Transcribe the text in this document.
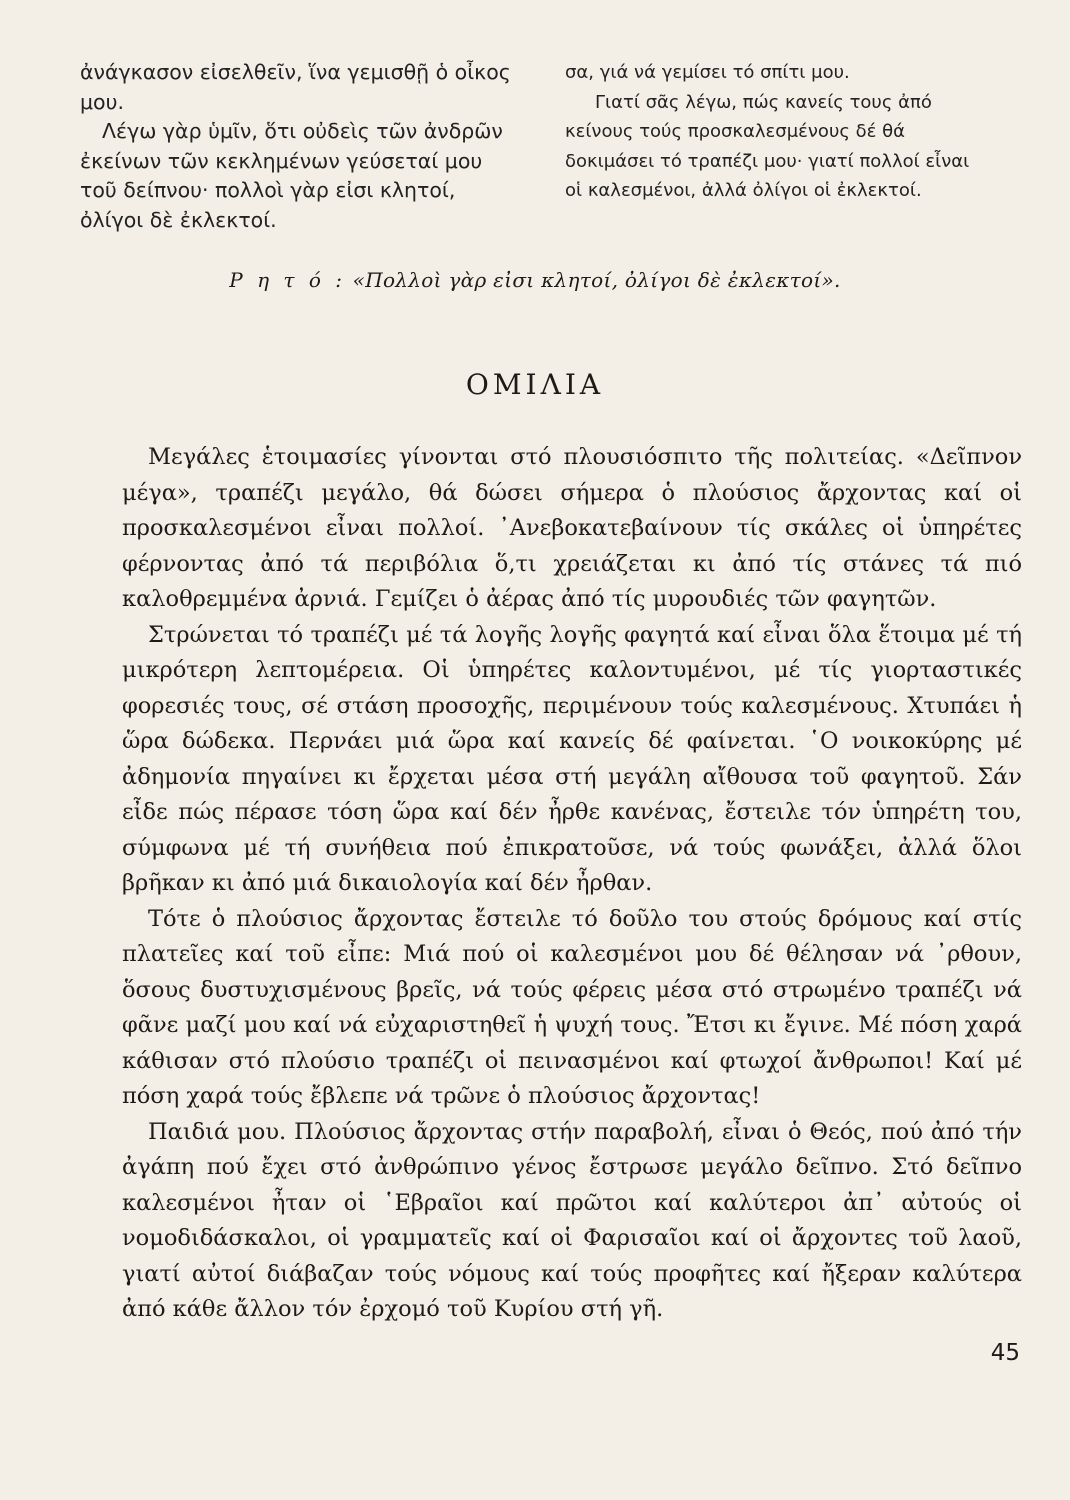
ἀνάγκασον εἰσελθεῖν, ἵνα γεμισθῇ ὁ οἶκος μου.

Λέγω γὰρ ὑμῖν, ὅτι οὐδεὶς τῶν ἀνδρῶν ἐκείνων τῶν κεκλημένων γεύσεταί μου τοῦ δείπνου· πολλοὶ γὰρ εἰσι κλητοί, ὀλίγοι δὲ ἐκλεκτοί.

σα, γιά νά γεμίσει τό σπίτι μου.

Γιατί σᾶς λέγω, πώς κανείς τους ἀπό κείνους τούς προσκαλεσμένους δέ θά δοκιμάσει τό τραπέζι μου· γιατί πολλοί εἶναι οἱ καλεσμένοι, ἀλλά ὀλίγοι οἱ ἐκλεκτοί.

Ρ η τ ό : «Πολλοὶ γὰρ εἰσι κλητοί, ὀλίγοι δὲ ἐκλεκτοί».
ΟΜΙΛΙΑ

Μεγάλες ἑτοιμασίες γίνονται στό πλουσιόσπιτο τῆς πολιτείας. «Δεῖπνον μέγα», τραπέζι μεγάλο, θά δώσει σήμερα ὁ πλούσιος ἄρχοντας καί οἱ προσκαλεσμένοι εἶναι πολλοί. ᾿Ανεβοκατεβαίνουν τίς σκάλες οἱ ὑπηρέτες φέρνοντας ἀπό τά περιβόλια ὅ,τι χρειάζεται κι ἀπό τίς στάνες τά πιό καλοθρεμμένα ἀρνιά. Γεμίζει ὁ ἀέρας ἀπό τίς μυρουδιές τῶν φαγητῶν.

Στρώνεται τό τραπέζι μέ τά λογῆς λογῆς φαγητά καί εἶναι ὅλα ἕτοιμα μέ τή μικρότερη λεπτομέρεια. Οἱ ὑπηρέτες καλοντυμένοι, μέ τίς γιορταστικές φορεσιές τους, σέ στάση προσοχῆς, περιμένουν τούς καλεσμένους. Χτυπάει ἡ ὥρα δώδεκα. Περνάει μιά ὥρα καί κανείς δέ φαίνεται. ῾Ο νοικοκύρης μέ ἀδημονία πηγαίνει κι ἔρχεται μέσα στή μεγάλη αἴθουσα τοῦ φαγητοῦ. Σάν εἶδε πώς πέρασε τόση ὥρα καί δέν ἦρθε κανένας, ἔστειλε τόν ὑπηρέτη του, σύμφωνα μέ τή συνήθεια πού ἐπικρατοῦσε, νά τούς φωνάξει, ἀλλά ὅλοι βρῆκαν κι ἀπό μιά δικαιολογία καί δέν ἦρθαν.

Τότε ὁ πλούσιος ἄρχοντας ἔστειλε τό δοῦλο του στούς δρόμους καί στίς πλατεῖες καί τοῦ εἶπε: Μιά πού οἱ καλεσμένοι μου δέ θέλησαν νά ᾽ρθουν, ὅσους δυστυχισμένους βρεῖς, νά τούς φέρεις μέσα στό στρωμένο τραπέζι νά φᾶνε μαζί μου καί νά εὐχαριστηθεῖ ἡ ψυχή τους. Ἔτσι κι ἔγινε. Μέ πόση χαρά κάθισαν στό πλούσιο τραπέζι οἱ πεινασμένοι καί φτωχοί ἄνθρωποι! Καί μέ πόση χαρά τούς ἔβλεπε νά τρῶνε ὁ πλούσιος ἄρχοντας!

Παιδιά μου. Πλούσιος ἄρχοντας στήν παραβολή, εἶναι ὁ Θεός, πού ἀπό τήν ἀγάπη πού ἔχει στό ἀνθρώπινο γένος ἔστρωσε μεγάλο δεῖπνο. Στό δεῖπνο καλεσμένοι ἦταν οἱ ῾Εβραῖοι καί πρῶτοι καί καλύτεροι ἀπ᾽ αὐτούς οἱ νομοδιδάσκαλοι, οἱ γραμματεῖς καί οἱ Φαρισαῖοι καί οἱ ἄρχοντες τοῦ λαοῦ, γιατί αὐτοί διάβαζαν τούς νόμους καί τούς προφῆτες καί ἤξεραν καλύτερα ἀπό κάθε ἄλλον τόν ἐρχομό τοῦ Κυρίου στή γῆ.

45
